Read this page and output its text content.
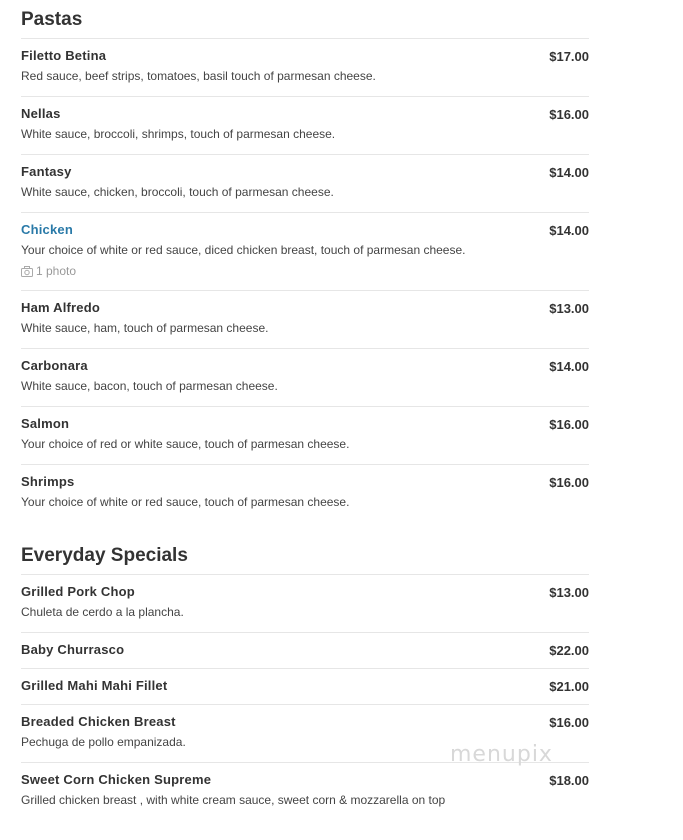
Pastas
Filetto Betina	$17.00
Red sauce, beef strips, tomatoes, basil touch of parmesan cheese.
Nellas	$16.00
White sauce, broccoli, shrimps, touch of parmesan cheese.
Fantasy	$14.00
White sauce, chicken, broccoli, touch of parmesan cheese.
Chicken	$14.00
Your choice of white or red sauce, diced chicken breast, touch of parmesan cheese.
1 photo
Ham Alfredo	$13.00
White sauce, ham, touch of parmesan cheese.
Carbonara	$14.00
White sauce, bacon, touch of parmesan cheese.
Salmon	$16.00
Your choice of red or white sauce, touch of parmesan cheese.
Shrimps	$16.00
Your choice of white or red sauce, touch of parmesan cheese.
Everyday Specials
Grilled Pork Chop	$13.00
Chuleta de cerdo a la plancha.
Baby Churrasco	$22.00
Grilled Mahi Mahi Fillet	$21.00
Breaded Chicken Breast	$16.00
Pechuga de pollo empanizada.
Sweet Corn Chicken Supreme	$18.00
Grilled chicken breast , with white cream sauce, sweet corn & mozzarella on top
menupix
